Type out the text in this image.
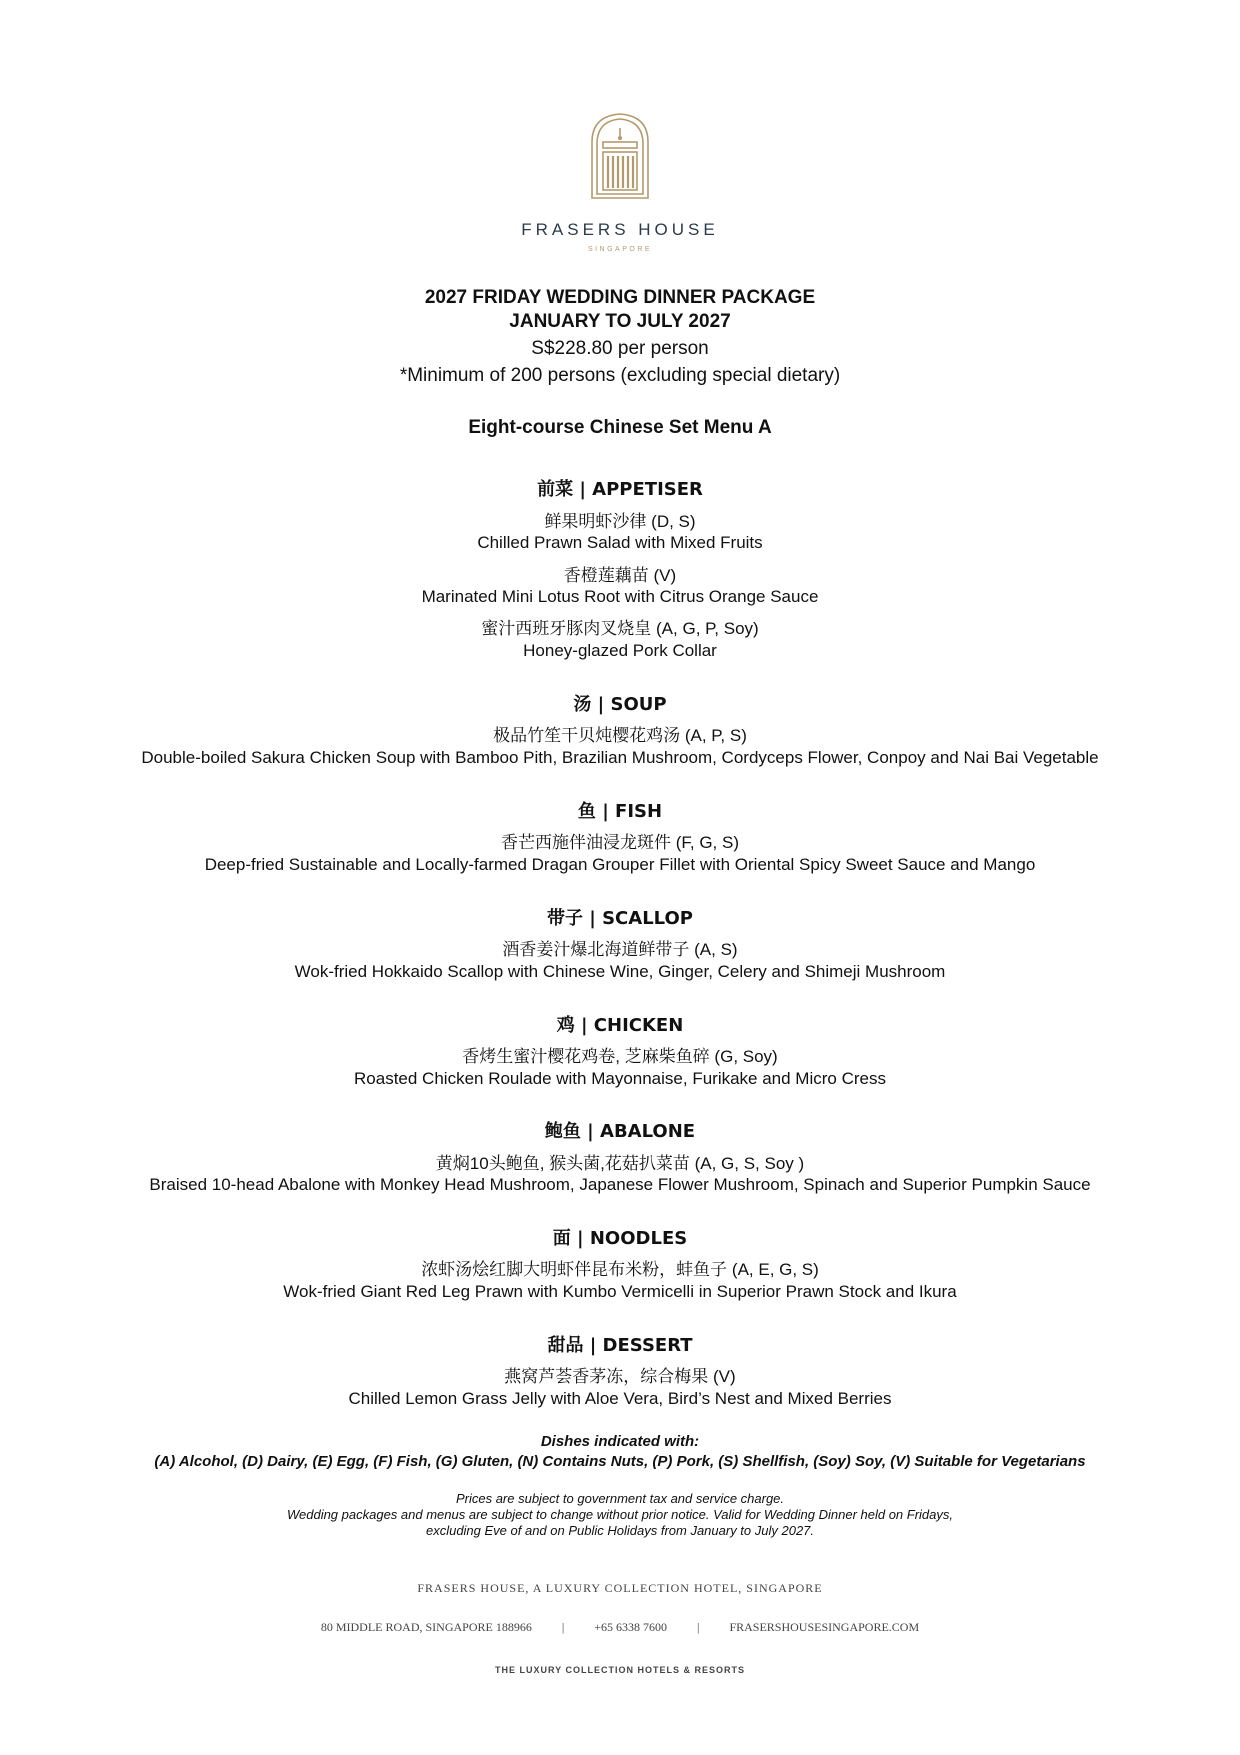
FRASERS HOUSE
SINGAPORE
2027 FRIDAY WEDDING DINNER PACKAGE
JANUARY TO JULY 2027
S$228.80 per person
*Minimum of 200 persons (excluding special dietary)
Eight-course Chinese Set Menu A
前菜 | APPETISER
鲜果明虾沙律 (D, S)
Chilled Prawn Salad with Mixed Fruits
香橙莲藕苗 (V)
Marinated Mini Lotus Root with Citrus Orange Sauce
蜜汁西班牙豚肉叉烧皇 (A, G, P, Soy)
Honey-glazed Pork Collar
汤 | SOUP
极品竹笙干贝炖樱花鸡汤 (A, P, S)
Double-boiled Sakura Chicken Soup with Bamboo Pith, Brazilian Mushroom, Cordyceps Flower, Conpoy and Nai Bai Vegetable
鱼 | FISH
香芒西施伴油浸龙斑件 (F, G, S)
Deep-fried Sustainable and Locally-farmed Dragan Grouper Fillet with Oriental Spicy Sweet Sauce and Mango
带子 | SCALLOP
酒香姜汁爆北海道鲜带子 (A, S)
Wok-fried Hokkaido Scallop with Chinese Wine, Ginger, Celery and Shimeji Mushroom
鸡 | CHICKEN
香烤生蜜汁樱花鸡卷, 芝麻柴鱼碎 (G, Soy)
Roasted Chicken Roulade with Mayonnaise, Furikake and Micro Cress
鲍鱼 | ABALONE
黄焖10头鲍鱼, 猴头菌,花菇扒菜苗 (A, G, S, Soy )
Braised 10-head Abalone with Monkey Head Mushroom, Japanese Flower Mushroom, Spinach and Superior Pumpkin Sauce
面 | NOODLES
浓虾汤烩红脚大明虾伴昆布米粉，蚌鱼子 (A, E, G, S)
Wok-fried Giant Red Leg Prawn with Kumbo Vermicelli in Superior Prawn Stock and Ikura
甜品 | DESSERT
燕窝芦荟香茅冻，综合梅果 (V)
Chilled Lemon Grass Jelly with Aloe Vera, Bird’s Nest and Mixed Berries
Dishes indicated with:
(A) Alcohol, (D) Dairy, (E) Egg, (F) Fish, (G) Gluten, (N) Contains Nuts, (P) Pork, (S) Shellfish, (Soy) Soy, (V) Suitable for Vegetarians
Prices are subject to government tax and service charge.
Wedding packages and menus are subject to change without prior notice. Valid for Wedding Dinner held on Fridays,
excluding Eve of and on Public Holidays from January to July 2027.
FRASERS HOUSE, A LUXURY COLLECTION HOTEL, SINGAPORE
80 MIDDLE ROAD, SINGAPORE 188966	|	+65 6338 7600	|	FRASERSHOUSESINGAPORE.COM
THE LUXURY COLLECTION HOTELS & RESORTS
